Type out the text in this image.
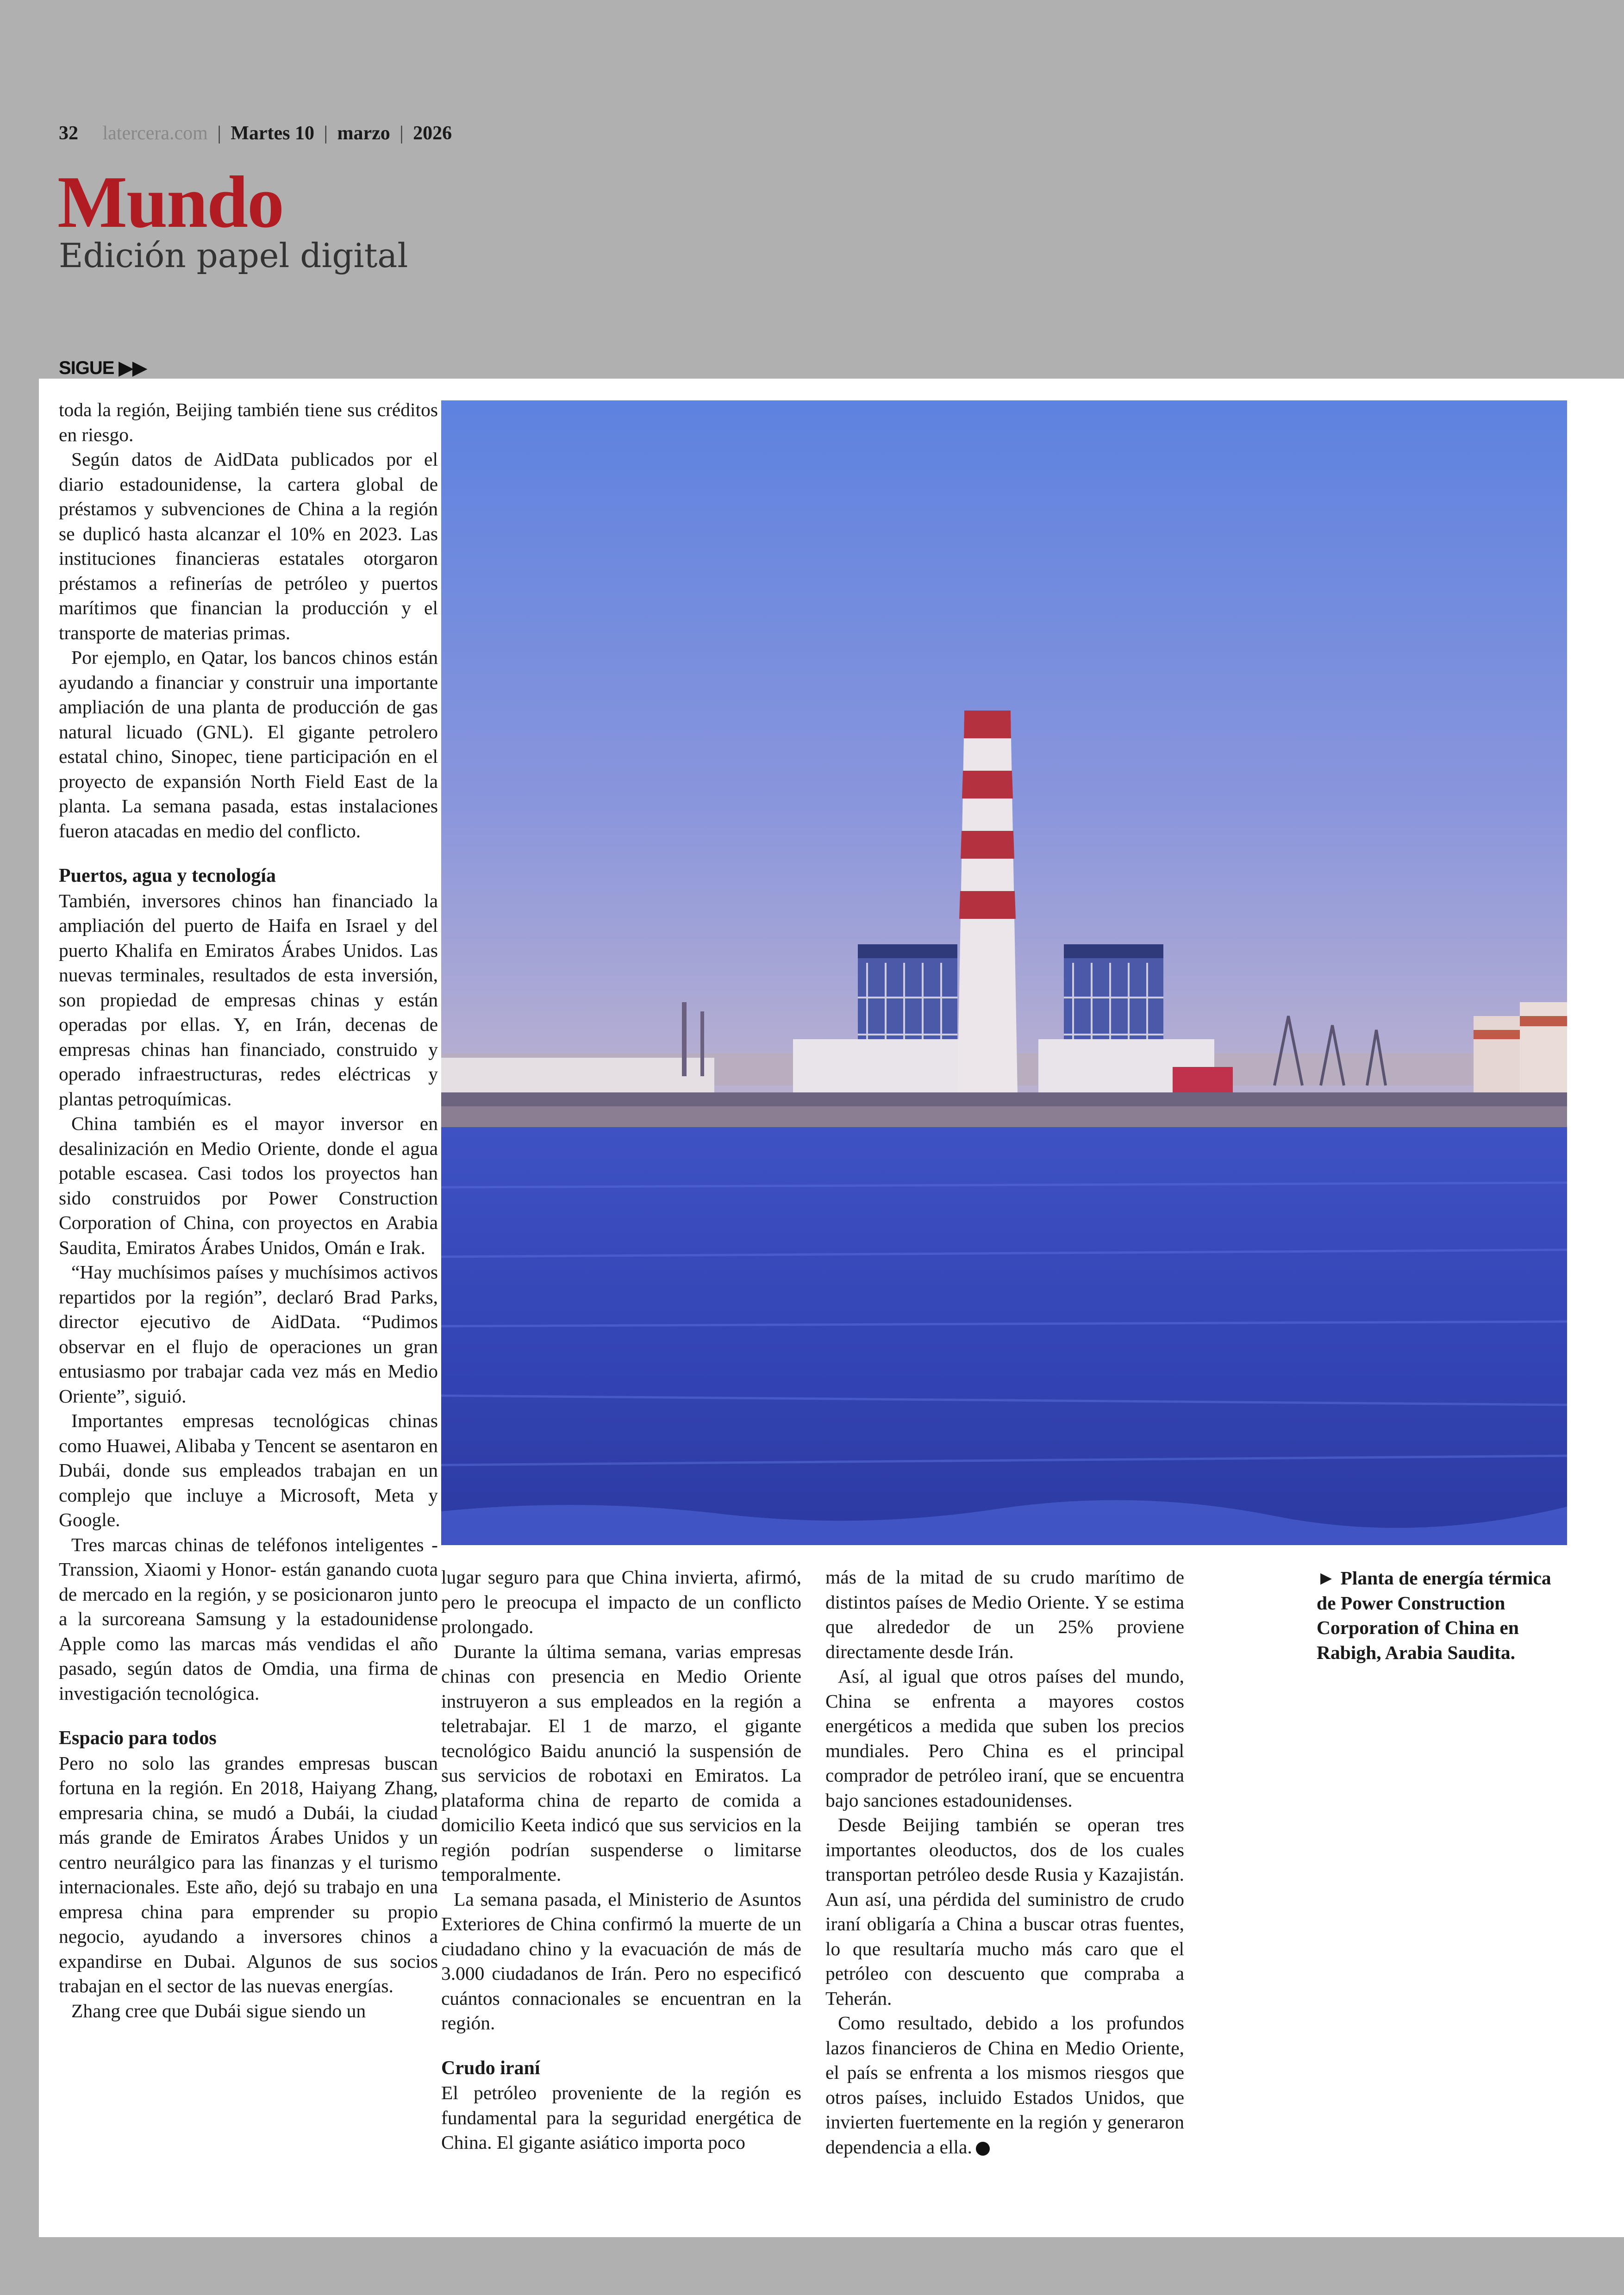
32 latercera.com | Martes 10 | marzo | 2026
Mundo
Edición papel digital
SIGUE ▶▶

toda la región, Beijing también tiene sus créditos en riesgo.

Según datos de AidData publicados por el diario estadounidense, la cartera global de préstamos y subvenciones de China a la región se duplicó hasta alcanzar el 10% en 2023. Las instituciones financieras estatales otorgaron préstamos a refinerías de petróleo y puertos marítimos que financian la producción y el transporte de materias primas.

Por ejemplo, en Qatar, los bancos chinos están ayudando a financiar y construir una importante ampliación de una planta de producción de gas natural licuado (GNL). El gigante petrolero estatal chino, Sinopec, tiene participación en el proyecto de expansión North Field East de la planta. La semana pasada, estas instalaciones fueron atacadas en medio del conflicto.

Puertos, agua y tecnología

También, inversores chinos han financiado la ampliación del puerto de Haifa en Israel y del puerto Khalifa en Emiratos Árabes Unidos. Las nuevas terminales, resultados de esta inversión, son propiedad de empresas chinas y están operadas por ellas. Y, en Irán, decenas de empresas chinas han financiado, construido y operado infraestructuras, redes eléctricas y plantas petroquímicas.

China también es el mayor inversor en desalinización en Medio Oriente, donde el agua potable escasea. Casi todos los proyectos han sido construidos por Power Construction Corporation of China, con proyectos en Arabia Saudita, Emiratos Árabes Unidos, Omán e Irak.

“Hay muchísimos países y muchísimos activos repartidos por la región”, declaró Brad Parks, director ejecutivo de AidData. “Pudimos observar en el flujo de operaciones un gran entusiasmo por trabajar cada vez más en Medio Oriente”, siguió.

Importantes empresas tecnológicas chinas como Huawei, Alibaba y Tencent se asentaron en Dubái, donde sus empleados trabajan en un complejo que incluye a Microsoft, Meta y Google.

Tres marcas chinas de teléfonos inteligentes -Transsion, Xiaomi y Honor- están ganando cuota de mercado en la región, y se posicionaron junto a la surcoreana Samsung y la estadounidense Apple como las marcas más vendidas el año pasado, según datos de Omdia, una firma de investigación tecnológica.

Espacio para todos

Pero no solo las grandes empresas buscan fortuna en la región. En 2018, Haiyang Zhang, empresaria china, se mudó a Dubái, la ciudad más grande de Emiratos Árabes Unidos y un centro neurálgico para las finanzas y el turismo internacionales. Este año, dejó su trabajo en una empresa china para emprender su propio negocio, ayudando a inversores chinos a expandirse en Dubai. Algunos de sus socios trabajan en el sector de las nuevas energías.

Zhang cree que Dubái sigue siendo un

lugar seguro para que China invierta, afirmó, pero le preocupa el impacto de un conflicto prolongado.

Durante la última semana, varias empresas chinas con presencia en Medio Oriente instruyeron a sus empleados en la región a teletrabajar. El 1 de marzo, el gigante tecnológico Baidu anunció la suspensión de sus servicios de robotaxi en Emiratos. La plataforma china de reparto de comida a domicilio Keeta indicó que sus servicios en la región podrían suspenderse o limitarse temporalmente.

La semana pasada, el Ministerio de Asuntos Exteriores de China confirmó la muerte de un ciudadano chino y la evacuación de más de 3.000 ciudadanos de Irán. Pero no especificó cuántos connacionales se encuentran en la región.

Crudo iraní

El petróleo proveniente de la región es fundamental para la seguridad energética de China. El gigante asiático importa poco

más de la mitad de su crudo marítimo de distintos países de Medio Oriente. Y se estima que alrededor de un 25% proviene directamente desde Irán.

Así, al igual que otros países del mundo, China se enfrenta a mayores costos energéticos a medida que suben los precios mundiales. Pero China es el principal comprador de petróleo iraní, que se encuentra bajo sanciones estadounidenses.

Desde Beijing también se operan tres importantes oleoductos, dos de los cuales transportan petróleo desde Rusia y Kazajistán. Aun así, una pérdida del suministro de crudo iraní obligaría a China a buscar otras fuentes, lo que resultaría mucho más caro que el petróleo con descuento que compraba a Teherán.

Como resultado, debido a los profundos lazos financieros de China en Medio Oriente, el país se enfrenta a los mismos riesgos que otros países, incluido Estados Unidos, que invierten fuertemente en la región y generaron dependencia a ella.

► Planta de energía térmica de Power Construction Corporation of China en Rabigh, Arabia Saudita.
